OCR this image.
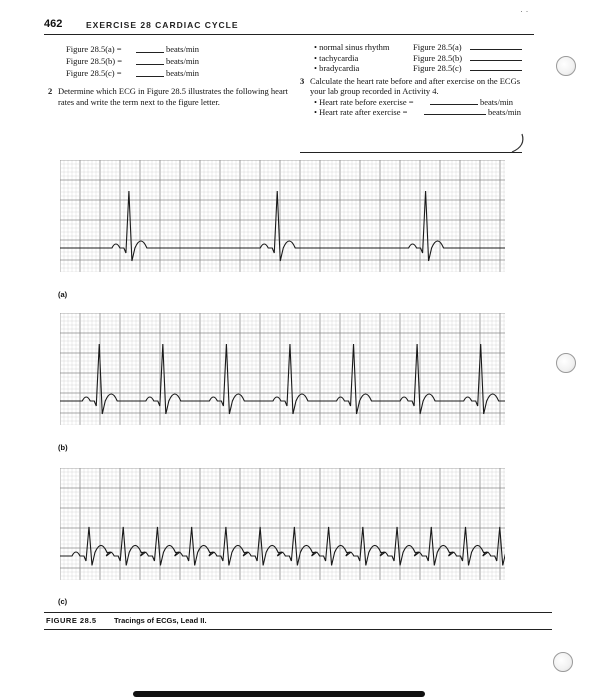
462	EXERCISE 28 CARDIAC CYCLE
· ·
Figure 28.5(a) =	beats/min
Figure 28.5(b) =	beats/min
Figure 28.5(c) =	beats/min
2 Determine which ECG in Figure 28.5 illustrates the following heart rates and write the term next to the figure letter.
• normal sinus rhythm	Figure 28.5(a)
• tachycardia	Figure 28.5(b)
• bradycardia	Figure 28.5(c)
3 Calculate the heart rate before and after exercise on the ECGs your lab group recorded in Activity 4.
• Heart rate before exercise =	beats/min
• Heart rate after exercise =	beats/min
(a)
(b)
(c)
FIGURE 28.5 Tracings of ECGs, Lead II.
